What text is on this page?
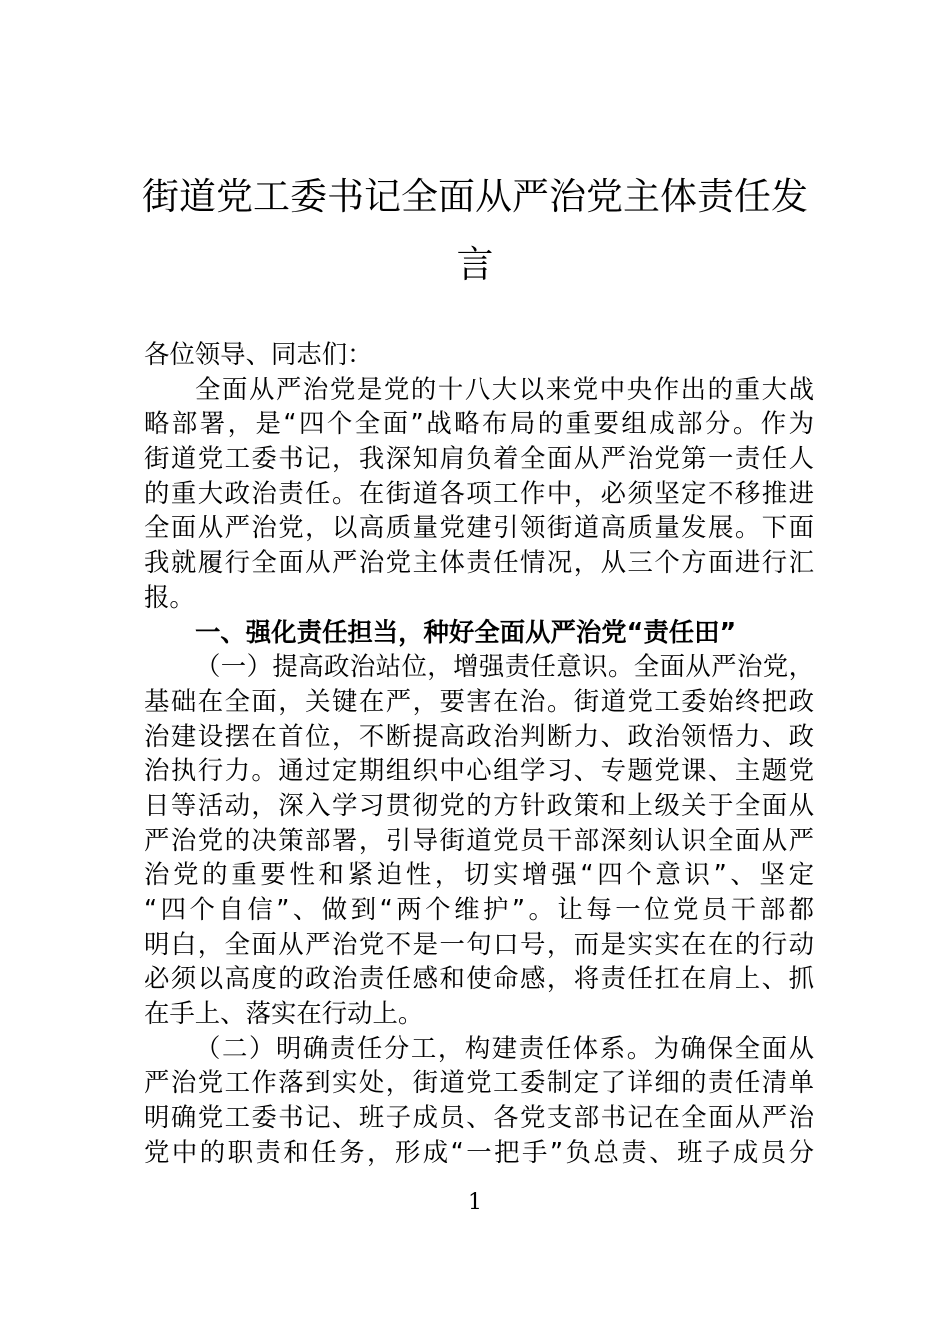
街道党工委书记全面从严治党主体责任发
言
各位领导、同志们：
全面从严治党是党的十八大以来党中央作出的重大战
略部署，是“四个全面”战略布局的重要组成部分。作为
街道党工委书记，我深知肩负着全面从严治党第一责任人
的重大政治责任。在街道各项工作中，必须坚定不移推进
全面从严治党，以高质量党建引领街道高质量发展。下面
我就履行全面从严治党主体责任情况，从三个方面进行汇
报。
一、强化责任担当，种好全面从严治党“责任田”
（一）提高政治站位，增强责任意识。全面从严治党，
基础在全面，关键在严，要害在治。街道党工委始终把政
治建设摆在首位，不断提高政治判断力、政治领悟力、政
治执行力。通过定期组织中心组学习、专题党课、主题党
日等活动，深入学习贯彻党的方针政策和上级关于全面从
严治党的决策部署，引导街道党员干部深刻认识全面从严
治党的重要性和紧迫性，切实增强“四个意识”、坚定
“四个自信”、做到“两个维护”。让每一位党员干部都
明白，全面从严治党不是一句口号，而是实实在在的行动
必须以高度的政治责任感和使命感，将责任扛在肩上、抓
在手上、落实在行动上。
（二）明确责任分工，构建责任体系。为确保全面从
严治党工作落到实处，街道党工委制定了详细的责任清单
明确党工委书记、班子成员、各党支部书记在全面从严治
党中的职责和任务，形成“一把手”负总责、班子成员分
1
